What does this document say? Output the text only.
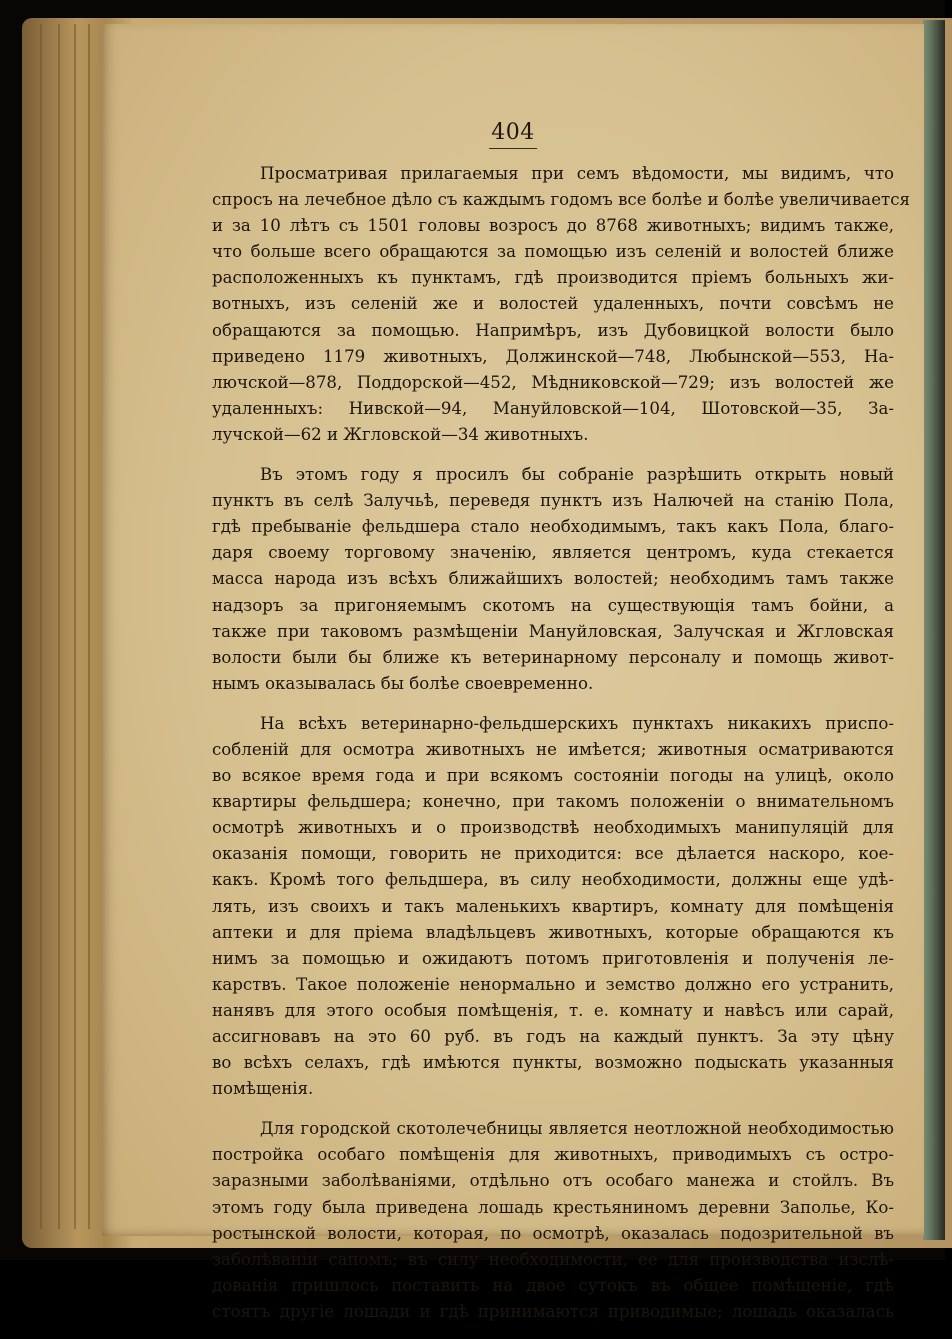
404
Просматривая прилагаемыя при семъ вѣдомости, мы видимъ, что
спросъ на лечебное дѣло съ каждымъ годомъ все болѣе и болѣе увеличивается
и за 10 лѣтъ съ 1501 головы возросъ до 8768 животныхъ; видимъ также,
что больше всего обращаются за помощью изъ селеній и волостей ближе
расположенныхъ къ пунктамъ, гдѣ производится пріемъ больныхъ жи-
вотныхъ, изъ селеній же и волостей удаленныхъ, почти совсѣмъ не
обращаются за помощью. Напримѣръ, изъ Дубовицкой волости было
приведено 1179 животныхъ, Должинской—748, Любынской—553, На-
лючской—878, Поддорской—452, Мѣдниковской—729; изъ волостей же
удаленныхъ: Нивской—94, Мануйловской—104, Шотовской—35, За-
лучской—62 и Жгловской—34 животныхъ.
Въ этомъ году я просилъ бы собраніе разрѣшить открыть новый
пунктъ въ селѣ Залучьѣ, переведя пунктъ изъ Налючей на станію Пола,
гдѣ пребываніе фельдшера стало необходимымъ, такъ какъ Пола, благо-
даря своему торговому значенію, является центромъ, куда стекается
масса народа изъ всѣхъ ближайшихъ волостей; необходимъ тамъ также
надзоръ за пригоняемымъ скотомъ на существующія тамъ бойни, а
также при таковомъ размѣщеніи Мануйловская, Залучская и Жгловская
волости были бы ближе къ ветеринарному персоналу и помощь живот-
нымъ оказывалась бы болѣе своевременно.
На всѣхъ ветеринарно-фельдшерскихъ пунктахъ никакихъ приспо-
собленій для осмотра животныхъ не имѣется; животныя осматриваются
во всякое время года и при всякомъ состояніи погоды на улицѣ, около
квартиры фельдшера; конечно, при такомъ положеніи о внимательномъ
осмотрѣ животныхъ и о производствѣ необходимыхъ манипуляцій для
оказанія помощи, говорить не приходится: все дѣлается наскоро, кое-
какъ. Кромѣ того фельдшера, въ силу необходимости, должны еще удѣ-
лять, изъ своихъ и такъ маленькихъ квартиръ, комнату для помѣщенія
аптеки и для пріема владѣльцевъ животныхъ, которые обращаются къ
нимъ за помощью и ожидаютъ потомъ приготовленія и полученія ле-
карствъ. Такое положеніе ненормально и земство должно его устранить,
нанявъ для этого особыя помѣщенія, т. е. комнату и навѣсъ или сарай,
ассигновавъ на это 60 руб. въ годъ на каждый пунктъ. За эту цѣну
во всѣхъ селахъ, гдѣ имѣются пункты, возможно подыскать указанныя
помѣщенія.
Для городской скотолечебницы является неотложной необходимостью
постройка особаго помѣщенія для животныхъ, приводимыхъ съ остро-
заразными заболѣваніями, отдѣльно отъ особаго манежа и стойлъ. Въ
этомъ году была приведена лошадь крестьяниномъ деревни Заполье, Ко-
ростынской волости, которая, по осмотрѣ, оказалась подозрительной въ
заболѣваніи сапомъ; въ силу необходимости, ее для производства изслѣ-
дованія пришлось поставить на двое сутокъ въ общее помѣщеніе, гдѣ
стоятъ другіе лошади и гдѣ принимаются приводимые; лошадь оказалась
